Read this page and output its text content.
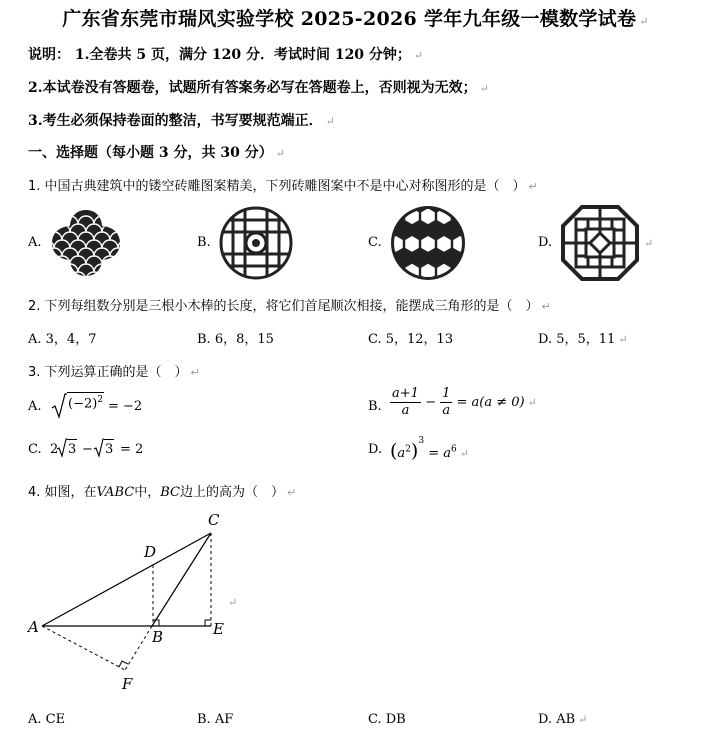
广东省东莞市瑞风实验学校 2025-2026 学年九年级一模数学试卷 ↵
说明： 1.全卷共 5 页，满分 120 分．考试时间 120 分钟； ↵
2.本试卷没有答题卷，试题所有答案务必写在答题卷上，否则视为无效； ↵
3.考生必须保持卷面的整洁，书写要规范端正． ↵
一、选择题（每小题 3 分，共 30 分） ↵
1. 中国古典建筑中的镂空砖雕图案精美，下列砖雕图案中不是中心对称图形的是（　） ↵
A.	B.	C.	D.	↵
2. 下列每组数分别是三根小木棒的长度，将它们首尾顺次相接，能摆成三角形的是（　） ↵
A. 3，4，7	B. 6，8，15	C. 5，12，13	D. 5，5，11 ↵
3. 下列运算正确的是（　） ↵
A. $(-2)^2 = -2$	B. $\frac{a+1}{a} - \frac{1}{a} = a(a \ne 0)$ ↵
C. 2 3 − 3 = 2	D. $(a^2)^3 = a^6$ ↵
4. 如图，在VABC中，BC边上的高为（　） ↵
A
B
C
D
E
F
↵
A. CE	B. AF	C. DB	D. AB ↵
